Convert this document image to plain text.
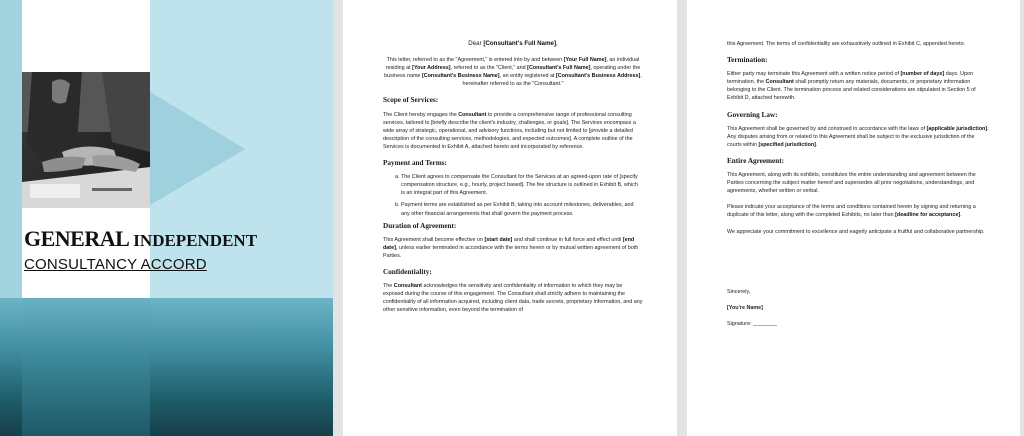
GENERAL INDEPENDENT
CONSULTANCY ACCORD
Dear [Consultant's Full Name],
This letter, referred to as the "Agreement," is entered into by and between [Your Full Name], an individual residing at [Your Address], referred to as the "Client," and [Consultant's Full Name], operating under the business name [Consultant's Business Name], an entity registered at [Consultant's Business Address], hereinafter referred to as the "Consultant."
Scope of Services:
The Client hereby engages the Consultant to provide a comprehensive range of professional consulting services, tailored to [briefly describe the client's industry, challenges, or goals]. The Services encompass a wide array of strategic, operational, and advisory functions, including but not limited to [provide a detailed description of the consulting services, methodologies, and expected outcomes]. A complete outline of the Services is documented in Exhibit A, attached hereto and incorporated by reference.
Payment and Terms:
a. The Client agrees to compensate the Consultant for the Services at an agreed-upon rate of [specify compensation structure, e.g., hourly, project based]. The fee structure is outlined in Exhibit B, which is an integral part of this Agreement.
b. Payment terms are established as per Exhibit B, taking into account milestones, deliverables, and any other financial arrangements that shall govern the payment process.
Duration of Agreement:
This Agreement shall become effective on [start date] and shall continue in full force and effect until [end date], unless earlier terminated in accordance with the terms herein or by mutual written agreement of both Parties.
Confidentiality:
The Consultant acknowledges the sensitivity and confidentiality of information to which they may be exposed during the course of this engagement. The Consultant shall strictly adhere to maintaining the confidentiality of all information acquired, including client data, trade secrets, proprietary information, and any other sensitive information, even beyond the termination of
this Agreement. The terms of confidentiality are exhaustively outlined in Exhibit C, appended hereto.
Termination:
Either party may terminate this Agreement with a written notice period of [number of days] days. Upon termination, the Consultant shall promptly return any materials, documents, or proprietary information belonging to the Client. The termination process and related considerations are stipulated in Section 5 of Exhibit D, attached herewith.
Governing Law:
This Agreement shall be governed by and construed in accordance with the laws of [applicable jurisdiction]. Any disputes arising from or related to this Agreement shall be subject to the exclusive jurisdiction of the courts within [specified jurisdiction].
Entire Agreement:
This Agreement, along with its exhibits, constitutes the entire understanding and agreement between the Parties concerning the subject matter hereof and supersedes all prior negotiations, understandings, and agreements, whether written or verbal.
Please indicate your acceptance of the terms and conditions contained herein by signing and returning a duplicate of this letter, along with the completed Exhibits, no later than [deadline for acceptance].
We appreciate your commitment to excellence and eagerly anticipate a fruitful and collaborative partnership.
Sincerely,
[You're Name]
Signature: ________
